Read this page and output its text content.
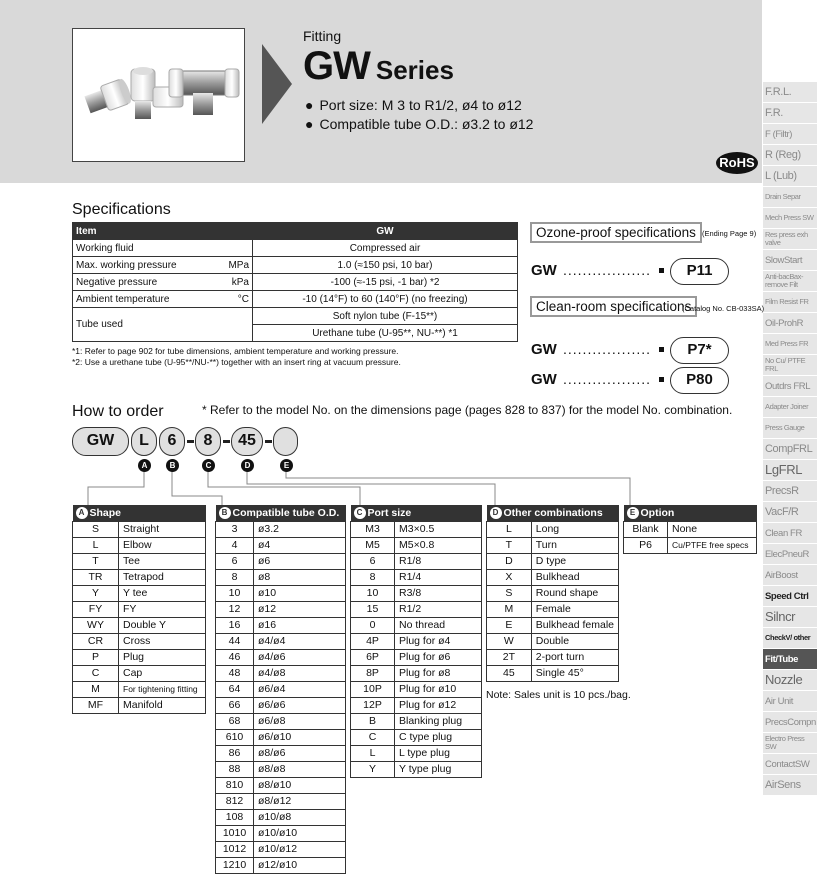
Fitting
GW Series
● Port size: M 3 to R1/2, ø4 to ø12
● Compatible tube O.D.: ø3.2 to ø12
RoHS
F.R.L.
F.R.
F (Filtr)
R (Reg)
L (Lub)
Drain Separ
Mech Press SW
Res press exh valve
SlowStart
Anti-bacBax-remove Filt
Film Resist FR
Oil-ProhR
Med Press FR
No Cu/ PTFE FRL
Outdrs FRL
Adapter Joiner
Press Gauge
CompFRL
LgFRL
PrecsR
VacF/R
Clean FR
ElecPneuR
AirBoost
Speed Ctrl
Silncr
CheckV/ other
Fit/Tube
Nozzle
Air Unit
PrecsCompn
Electro Press SW
ContactSW
AirSens
Specifications
Item		GW
Working fluid		Compressed air
Max. working pressure	MPa	1.0 (≈150 psi, 10 bar)
Negative pressure	kPa	-100 (≈-15 psi, -1 bar) *2
Ambient temperature	°C	-10 (14°F) to 60 (140°F) (no freezing)
Tube used		Soft nylon tube (F-15**)
		Urethane tube (U-95**, NU-**) *1
*1: Refer to page 902 for tube dimensions, ambient temperature and working pressure.
*2: Use a urethane tube (U-95**/NU-**) together with an insert ring at vacuum pressure.
Ozone-proof specifications (Ending Page 9)
GW ..................	P11
Clean-room specifications
(Catalog No. CB-033SA)
GW ..................	P7*
GW ..................	P80
How to order	* Refer to the model No. on the dimensions page (pages 828 to 837) for the model No. combination.
GW	L	6	8	45
A	B	C	D	E
A Shape	
S	Straight
L	Elbow
T	Tee
TR	Tetrapod
Y	Y tee
FY	FY
WY	Double Y
CR	Cross
P	Plug
C	Cap
M	For tightening fitting
MF	Manifold
B Compatible tube O.D.	
3	ø3.2
4	ø4
6	ø6
8	ø8
10	ø10
12	ø12
16	ø16
44	ø4/ø4
46	ø4/ø6
48	ø4/ø8
64	ø6/ø4
66	ø6/ø6
68	ø6/ø8
610	ø6/ø10
86	ø8/ø6
88	ø8/ø8
810	ø8/ø10
812	ø8/ø12
108	ø10/ø8
1010	ø10/ø10
1012	ø10/ø12
1210	ø12/ø10
C Port size	
M3	M3×0.5
M5	M5×0.8
6	R1/8
8	R1/4
10	R3/8
15	R1/2
0	No thread
4P	Plug for ø4
6P	Plug for ø6
8P	Plug for ø8
10P	Plug for ø10
12P	Plug for ø12
B	Blanking plug
C	C type plug
L	L type plug
Y	Y type plug
D Other combinations	
L	Long
T	Turn
D	D type
X	Bulkhead
S	Round shape
M	Female
E	Bulkhead female
W	Double
2T	2-port turn
45	Single 45°
E Option	
Blank	None
P6	Cu/PTFE free specs
Note: Sales unit is 10 pcs./bag.
